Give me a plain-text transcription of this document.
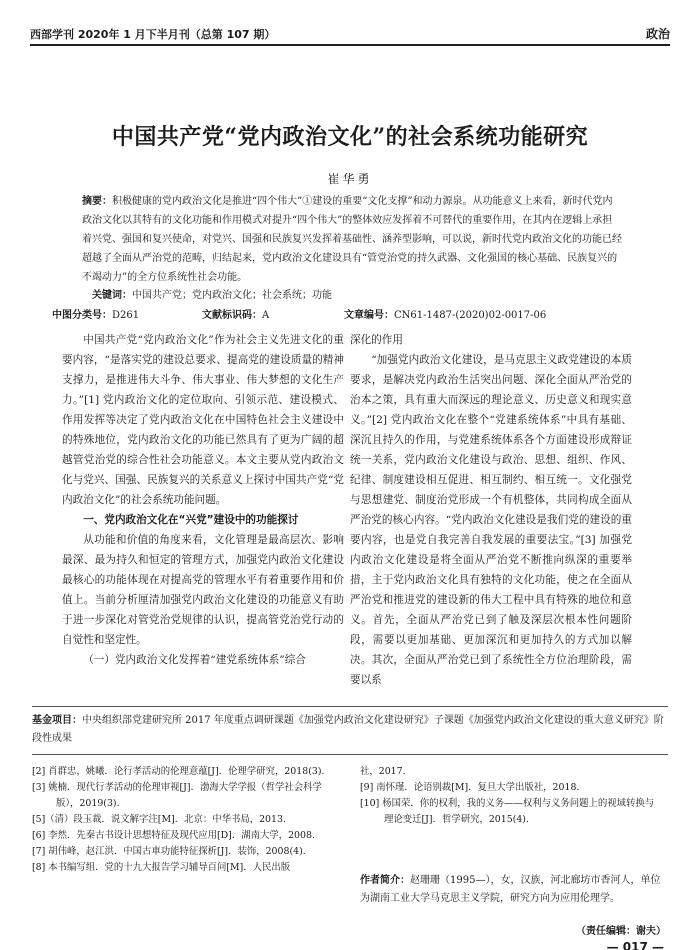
西部学刊 2020年 1 月下半月刊（总第 107 期）	政治
中国共产党“党内政治文化”的社会系统功能研究
崔华勇
摘要：积极健康的党内政治文化是推进“四个伟大”①建设的重要“文化支撑”和动力源泉。从功能意义上来看，新时代党内政治文化以其特有的文化功能和作用模式对提升“四个伟大”的整体效应发挥着不可替代的重要作用，在其内在逻辑上承担着兴党、强国和复兴使命，对党兴、国强和民族复兴发挥着基础性、涵养型影响，可以说，新时代党内政治文化的功能已经超越了全面从严治党的范畴，归结起来，党内政治文化建设具有“管党治党的持久武器、文化强国的核心基础、民族复兴的不竭动力”的全方位系统性社会功能。
关键词：中国共产党；党内政治文化；社会系统；功能
中图分类号：D261	文献标识码：A	文章编号：CN61-1487-(2020)02-0017-06

中国共产党“党内政治文化”作为社会主义先进文化的重要内容，“是落实党的建设总要求、提高党的建设质量的精神支撑力，是推进伟大斗争、伟大事业、伟大梦想的文化生产力。”[1] 党内政治文化的定位取向、引领示范、建设模式、作用发挥等决定了党内政治文化在中国特色社会主义建设中的特殊地位，党内政治文化的功能已然具有了更为广阔的超越管党治党的综合性社会功能意义。本文主要从党内政治文化与党兴、国强、民族复兴的关系意义上探讨中国共产党“党内政治文化”的社会系统功能问题。

一、党内政治文化在“兴党”建设中的功能探讨

从功能和价值的角度来看，文化管理是最高层次、影响最深、最为持久和恒定的管理方式，加强党内政治文化建设最核心的功能体现在对提高党的管理水平有着重要作用和价值上。当前分析厘清加强党内政治文化建设的功能意义有助于进一步深化对管党治党规律的认识，提高管党治党行动的自觉性和坚定性。

（一）党内政治文化发挥着“建党系统体系”综合

深化的作用

“加强党内政治文化建设，是马克思主义政党建设的本质要求，是解决党内政治生活突出问题、深化全面从严治党的治本之策，具有重大而深远的理论意义、历史意义和现实意义。”[2] 党内政治文化在整个“党建系统体系”中具有基础、深沉且持久的作用，与党建系统体系各个方面建设形成辩证统一关系，党内政治文化建设与政治、思想、组织、作风、纪律、制度建设相互促进、相互制约、相互统一。文化强党与思想建党、制度治党形成一个有机整体，共同构成全面从严治党的核心内容。“党内政治文化建设是我们党的建设的重要内容，也是党自我完善自我发展的重要法宝。”[3] 加强党内政治文化建设是将全面从严治党不断推向纵深的重要举措，主于党内政治文化具有独特的文化功能，使之在全面从严治党和推进党的建设新的伟大工程中具有特殊的地位和意义。首先，全面从严治党已到了触及深层次根本性问题阶段，需要以更加基础、更加深沉和更加持久的方式加以解决。其次，全面从严治党已到了系统性全方位治理阶段，需要以系

基金项目：中央组织部党建研究所 2017 年度重点调研课题《加强党内政治文化建设研究》子课题《加强党内政治文化建设的重大意义研究》阶段性成果
[2] 肖群忠，姚曦．论行孝活动的伦理意蕴[J]．伦理学研究，2018(3).
[3] 姚楠．现代行孝活动的伦理审视[J]．渤海大学学报（哲学社会科学版），2019(3).
[5]（清）段玉裁．说文解字注[M]．北京：中华书局，2013.
[6] 李然．先秦古书设计思想特征及现代应用[D]．湖南大学，2008.
[7] 胡伟峰，赵江洪．中国古車功能特征探析[J]．装饰，2008(4).
[8] 本书编写组．党的十九大报告学习辅导百问[M]．人民出版
社，2017.
[9] 南怀瑾．论语别裁[M]．复旦大学出版社，2018.
[10] 杨国荣．你的权利，我的义务——权利与义务问题上的视域转换与理论变迁[J]．哲学研究，2015(4).
作者简介：赵珊珊（1995—），女，汉族，河北廊坊市香河人，单位为湖南工业大学马克思主义学院，研究方向为应用伦理学。
（责任编辑：谢夫）
— 017 —
